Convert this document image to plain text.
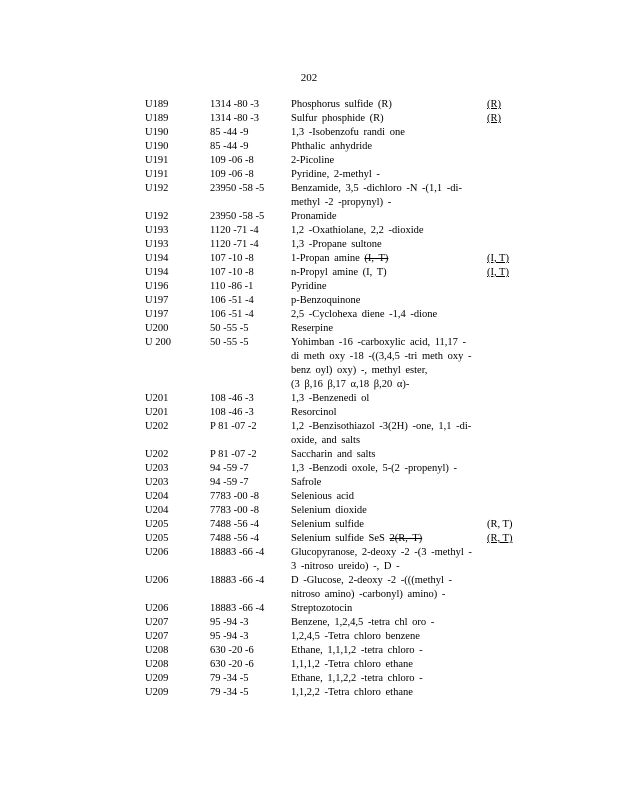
202
U189	1314 -80 -3	Phosphorus sulfide (R)	(R)
U189	1314 -80 -3	Sulfur phosphide (R)	(R)
U190	85 -44 -9	1,3 -Isobenzofu randi one
U190	85 -44 -9	Phthalic anhydride
U191	109 -06 -8	2-Picoline
U191	109 -06 -8	Pyridine, 2-methyl -
U192	23950 -58 -5	Benzamide, 3,5 -dichloro -N -(1,1 -di-
methyl -2 -propynyl) -
U192	23950 -58 -5	Pronamide
U193	1120 -71 -4	1,2 -Oxathiolane, 2,2 -dioxide
U193	1120 -71 -4	1,3 -Propane sultone
U194	107 -10 -8	1-Propan amine (I, T)	(I, T)
U194	107 -10 -8	n-Propyl amine (I, T)	(I, T)
U196	110 -86 -1	Pyridine
U197	106 -51 -4	p-Benzoquinone
U197	106 -51 -4	2,5 -Cyclohexa diene -1,4 -dione
U200	50 -55 -5	Reserpine
U 200	50 -55 -5	Yohimban -16 -carboxylic acid, 11,17 -
di meth oxy -18 -((3,4,5 -tri meth oxy -
benz oyl) oxy) -, methyl ester,
(3 β,16 β,17 α,18 β,20 α)-
U201	108 -46 -3	1,3 -Benzenedi ol
U201	108 -46 -3	Resorcinol
U202	P 81 -07 -2	1,2 -Benzisothiazol -3(2H) -one, 1,1 -di-
oxide, and salts
U202	P 81 -07 -2	Saccharin and salts
U203	94 -59 -7	1,3 -Benzodi oxole, 5-(2 -propenyl) -
U203	94 -59 -7	Safrole
U204	7783 -00 -8	Selenious acid
U204	7783 -00 -8	Selenium dioxide
U205	7488 -56 -4	Selenium sulfide	(R, T)
U205	7488 -56 -4	Selenium sulfide SeS 2(R, T)	(R, T)
U206	18883 -66 -4	Glucopyranose, 2-deoxy -2 -(3 -methyl -
3 -nitroso ureido) -, D -
U206	18883 -66 -4	D -Glucose, 2-deoxy -2 -(((methyl -
nitroso amino) -carbonyl) amino) -
U206	18883 -66 -4	Streptozotocin
U207	95 -94 -3	Benzene, 1,2,4,5 -tetra chl oro -
U207	95 -94 -3	1,2,4,5 -Tetra chloro benzene
U208	630 -20 -6	Ethane, 1,1,1,2 -tetra chloro -
U208	630 -20 -6	1,1,1,2 -Tetra chloro ethane
U209	79 -34 -5	Ethane, 1,1,2,2 -tetra chloro -
U209	79 -34 -5	1,1,2,2 -Tetra chloro ethane
